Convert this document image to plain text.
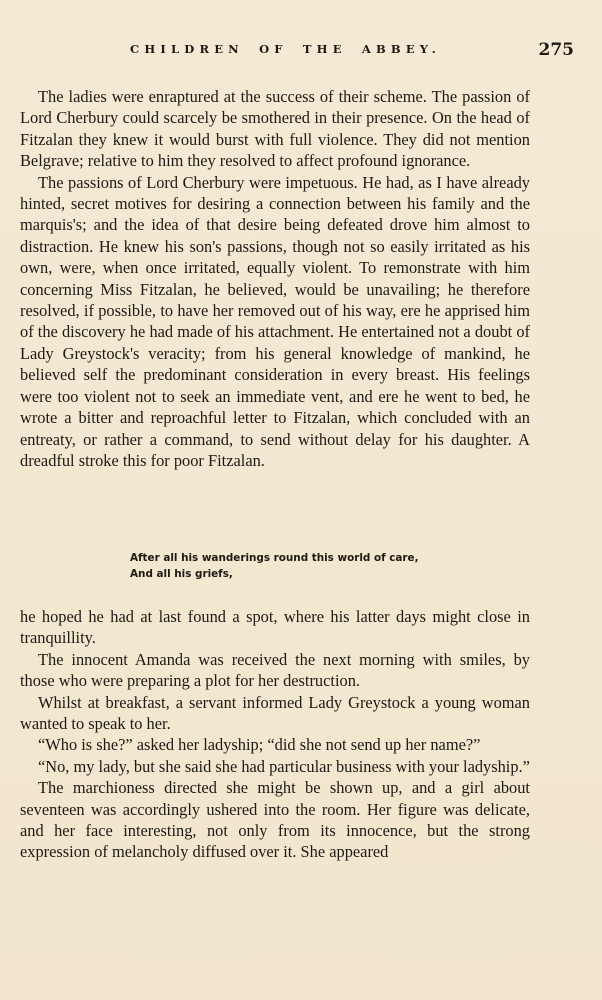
CHILDREN OF THE ABBEY.	275

The ladies were enraptured at the success of their scheme. The passion of Lord Cherbury could scarcely be smothered in their presence. On the head of Fitzalan they knew it would burst with full violence. They did not mention Belgrave; relative to him they resolved to affect profound ignorance.

The passions of Lord Cherbury were impetuous. He had, as I have already hinted, secret motives for desiring a connection between his family and the marquis's; and the idea of that desire being defeated drove him almost to distraction. He knew his son's passions, though not so easily irritated as his own, were, when once irritated, equally violent. To remonstrate with him concerning Miss Fitzalan, he believed, would be unavailing; he therefore resolved, if possible, to have her removed out of his way, ere he apprised him of the discovery he had made of his attachment. He entertained not a doubt of Lady Greystock's veracity; from his general knowledge of mankind, he believed self the predominant consideration in every breast. His feelings were too violent not to seek an immediate vent, and ere he went to bed, he wrote a bitter and reproachful letter to Fitzalan, which concluded with an entreaty, or rather a command, to send without delay for his daughter. A dreadful stroke this for poor Fitzalan.

After all his wanderings round this world of care,
And all his griefs,

he hoped he had at last found a spot, where his latter days might close in tranquillity.

The innocent Amanda was received the next morning with smiles, by those who were preparing a plot for her destruction.

Whilst at breakfast, a servant informed Lady Greystock a young woman wanted to speak to her.

“Who is she?” asked her ladyship; “did she not send up her name?”

“No, my lady, but she said she had particular business with your ladyship.”

The marchioness directed she might be shown up, and a girl about seventeen was accordingly ushered into the room. Her figure was delicate, and her face interesting, not only from its innocence, but the strong expression of melancholy diffused over it. She appeared
